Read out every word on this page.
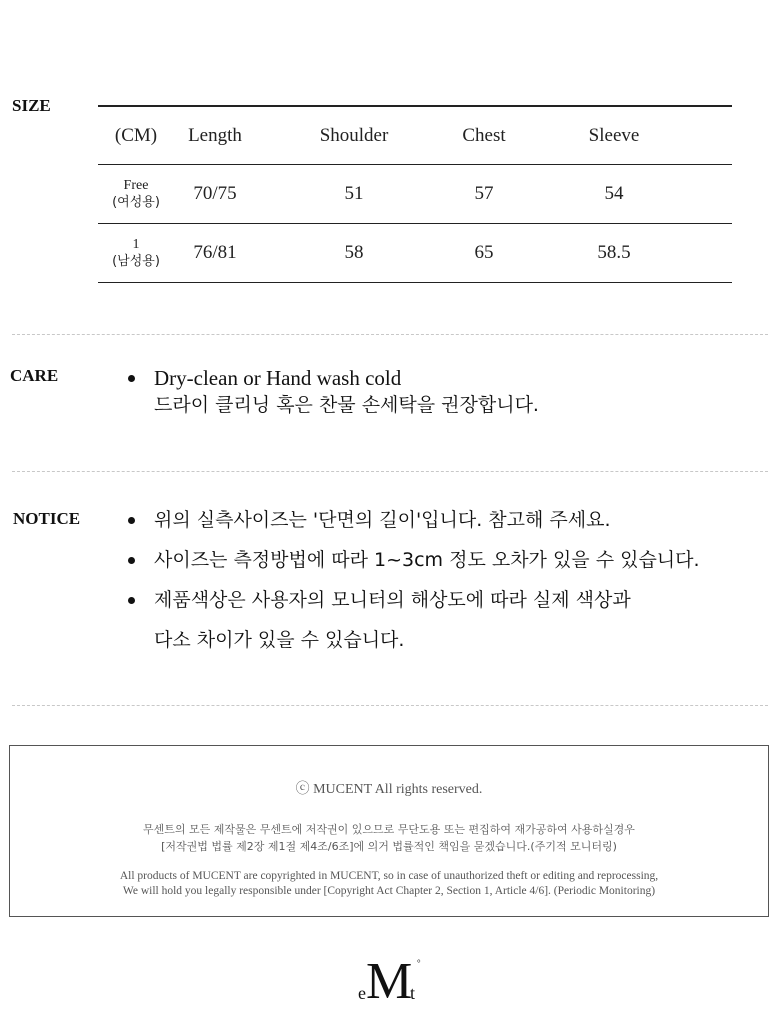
SIZE
(CM)	Length	Shoulder	Chest	Sleeve
Free
(여성용)	70/75	51	57	54
1
(남성용)	76/81	58	65	58.5
CARE	Dry-clean or Hand wash cold
드라이 클리닝 혹은 찬물 손세탁을 권장합니다.
NOTICE	위의 실측사이즈는 '단면의 길이'입니다. 참고해 주세요.
사이즈는 측정방법에 따라 1~3cm 정도 오차가 있을 수 있습니다.
제품색상은 사용자의 모니터의 해상도에 따라 실제 색상과
다소 차이가 있을 수 있습니다.
ⓒ MUCENT All rights reserved.
무센트의 모든 제작물은 무센트에 저작권이 있으므로 무단도용 또는 편집하여 재가공하여 사용하실경우
[저작권법 법률 제2장 제1절 제4조/6조]에 의거 법률적인 책임을 묻겠습니다.(주기적 모니터링)
All products of MUCENT are copyrighted in MUCENT, so in case of unauthorized theft or editing and reprocessing,
We will hold you legally responsible under [Copyright Act Chapter 2, Section 1, Article 4/6]. (Periodic Monitoring)
e M t
°
